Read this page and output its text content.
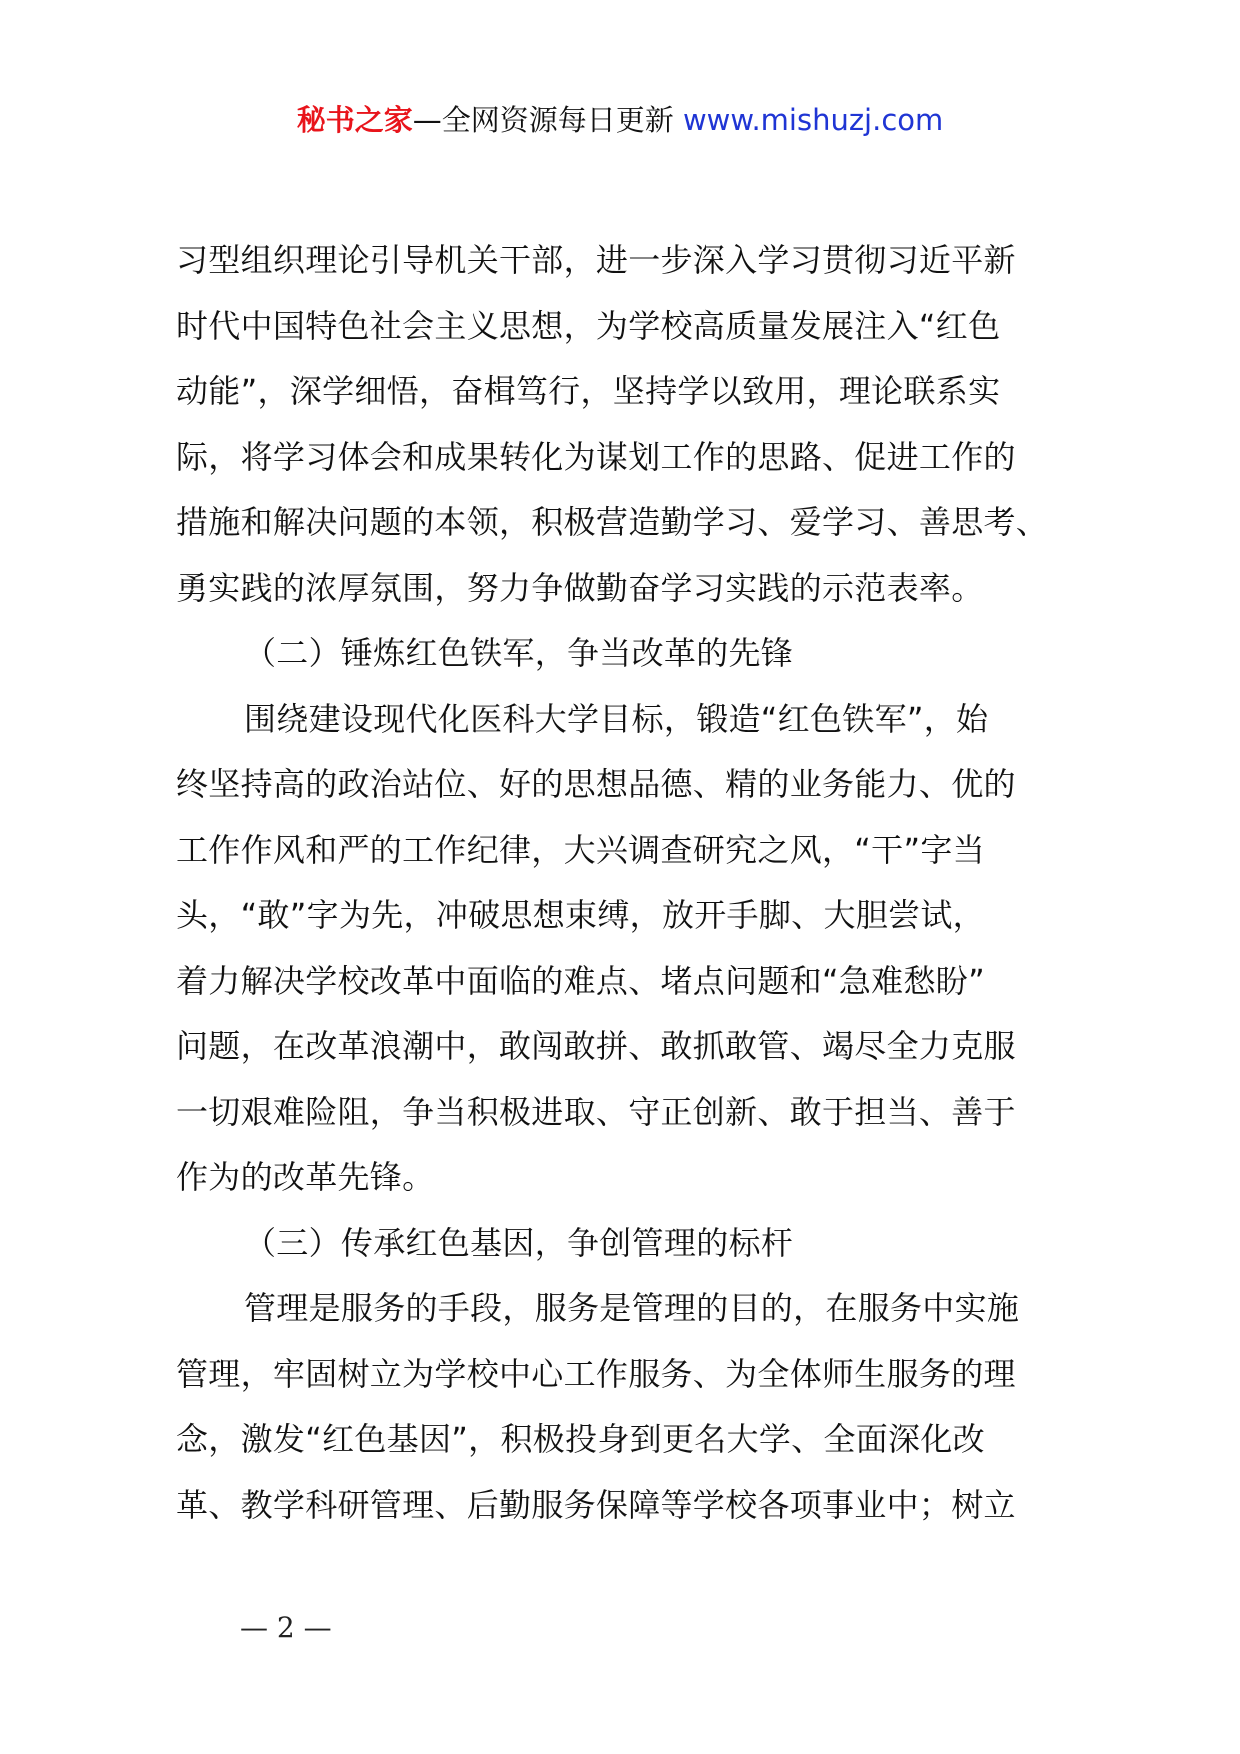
秘书之家—全网资源每日更新 www.mishuzj.com
习型组织理论引导机关干部，进一步深入学习贯彻习近平新
时代中国特色社会主义思想，为学校高质量发展注入“红色
动能”，深学细悟，奋楫笃行，坚持学以致用，理论联系实
际，将学习体会和成果转化为谋划工作的思路、促进工作的
措施和解决问题的本领，积极营造勤学习、爱学习、善思考、
勇实践的浓厚氛围，努力争做勤奋学习实践的示范表率。
（二）锤炼红色铁军，争当改革的先锋
围绕建设现代化医科大学目标，锻造“红色铁军”，始
终坚持高的政治站位、好的思想品德、精的业务能力、优的
工作作风和严的工作纪律，大兴调查研究之风，“干”字当
头，“敢”字为先，冲破思想束缚，放开手脚、大胆尝试，
着力解决学校改革中面临的难点、堵点问题和“急难愁盼”
问题，在改革浪潮中，敢闯敢拼、敢抓敢管、竭尽全力克服
一切艰难险阻，争当积极进取、守正创新、敢于担当、善于
作为的改革先锋。
（三）传承红色基因，争创管理的标杆
管理是服务的手段，服务是管理的目的，在服务中实施
管理，牢固树立为学校中心工作服务、为全体师生服务的理
念，激发“红色基因”，积极投身到更名大学、全面深化改
革、教学科研管理、后勤服务保障等学校各项事业中；树立
— 2 —
